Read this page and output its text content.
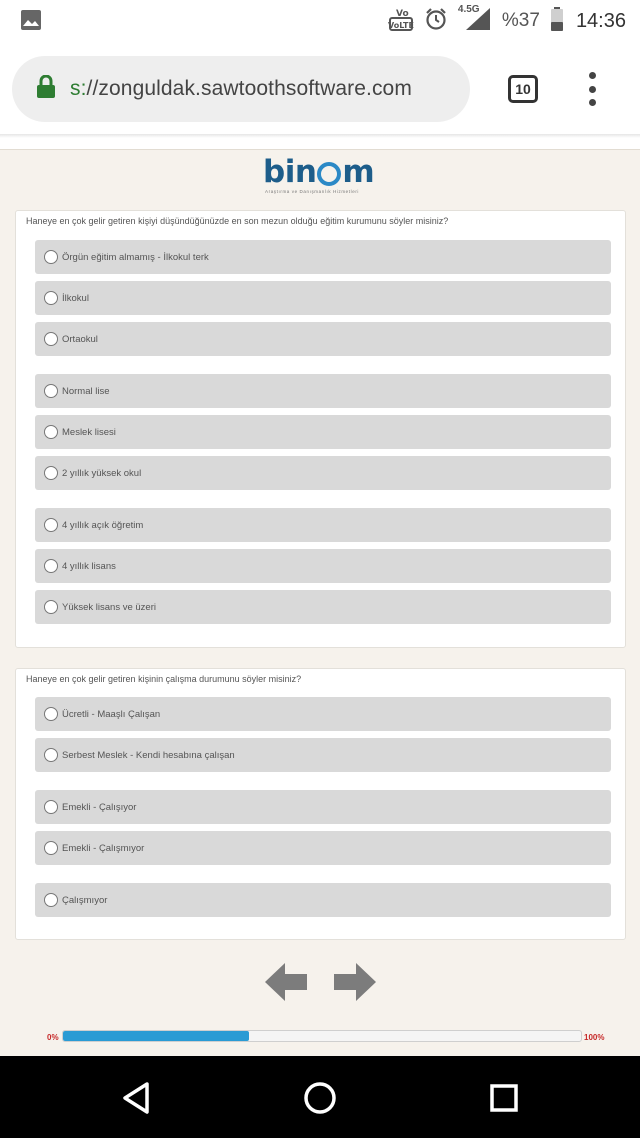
VoLTE
Vo	4.5G
%37 14:36
s://zonguldak.sawtoothsoftware.com	10
bin m
Araştırma ve Danışmanlık Hizmetleri
Haneye en çok gelir getiren kişiyi düşündüğünüzde en son mezun olduğu eğitim kurumunu söyler misiniz?
Örgün eğitim almamış - İlkokul terk
İlkokul
Ortaokul
Normal lise
Meslek lisesi
2 yıllık yüksek okul
4 yıllık açık öğretim
4 yıllık lisans
Yüksek lisans ve üzeri
Haneye en çok gelir getiren kişinin çalışma durumunu söyler misiniz?
Ücretli - Maaşlı Çalışan
Serbest Meslek - Kendi hesabına çalışan
Emekli - Çalışıyor
Emekli - Çalışmıyor
Çalışmıyor
0%	100%
